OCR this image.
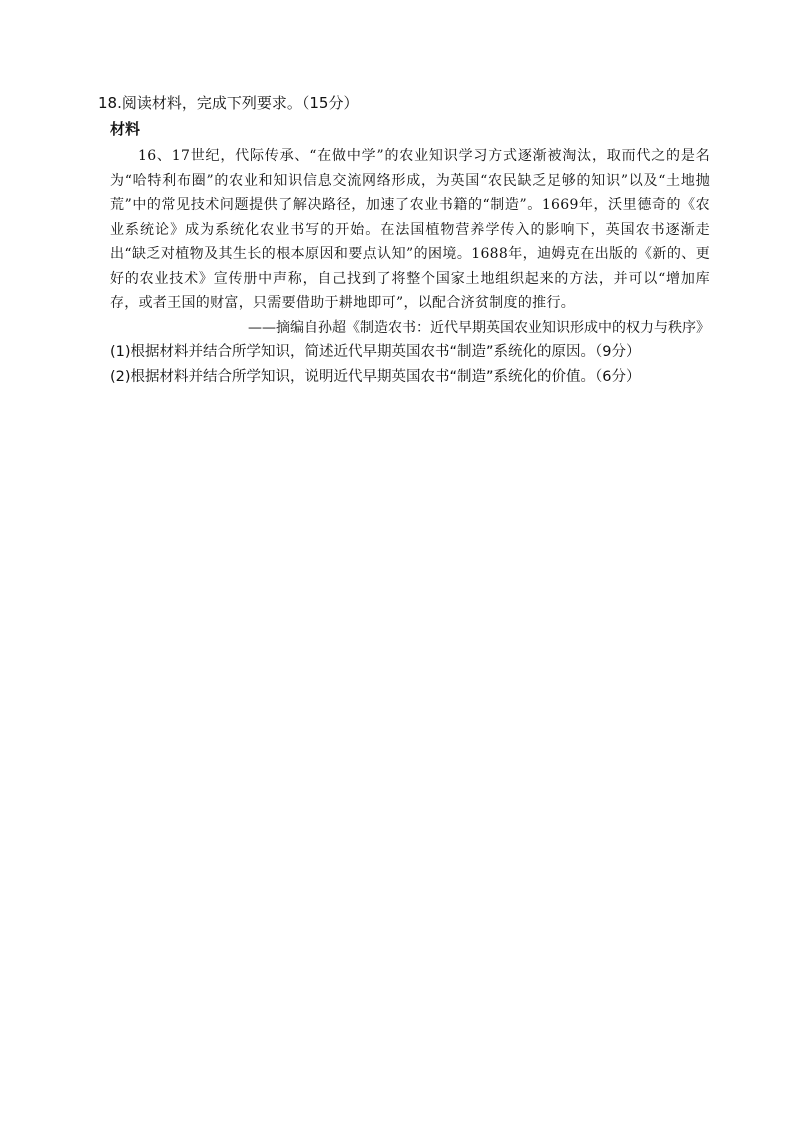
18.阅读材料，完成下列要求。（15分）

材料

16、17世纪，代际传承、“在做中学”的农业知识学习方式逐渐被淘汰，取而代之的是名为“哈特利布圈”的农业和知识信息交流网络形成，为英国“农民缺乏足够的知识”以及“土地抛荒”中的常见技术问题提供了解决路径，加速了农业书籍的“制造”。1669年，沃里德奇的《农业系统论》成为系统化农业书写的开始。在法国植物营养学传入的影响下，英国农书逐渐走出“缺乏对植物及其生长的根本原因和要点认知”的困境。1688年，迪姆克在出版的《新的、更好的农业技术》宣传册中声称，自己找到了将整个国家土地组织起来的方法，并可以“增加库存，或者王国的财富，只需要借助于耕地即可”，以配合济贫制度的推行。

——摘编自孙超《制造农书：近代早期英国农业知识形成中的权力与秩序》

(1)根据材料并结合所学知识，简述近代早期英国农书“制造”系统化的原因。（9分）

(2)根据材料并结合所学知识，说明近代早期英国农书“制造”系统化的价值。（6分）
